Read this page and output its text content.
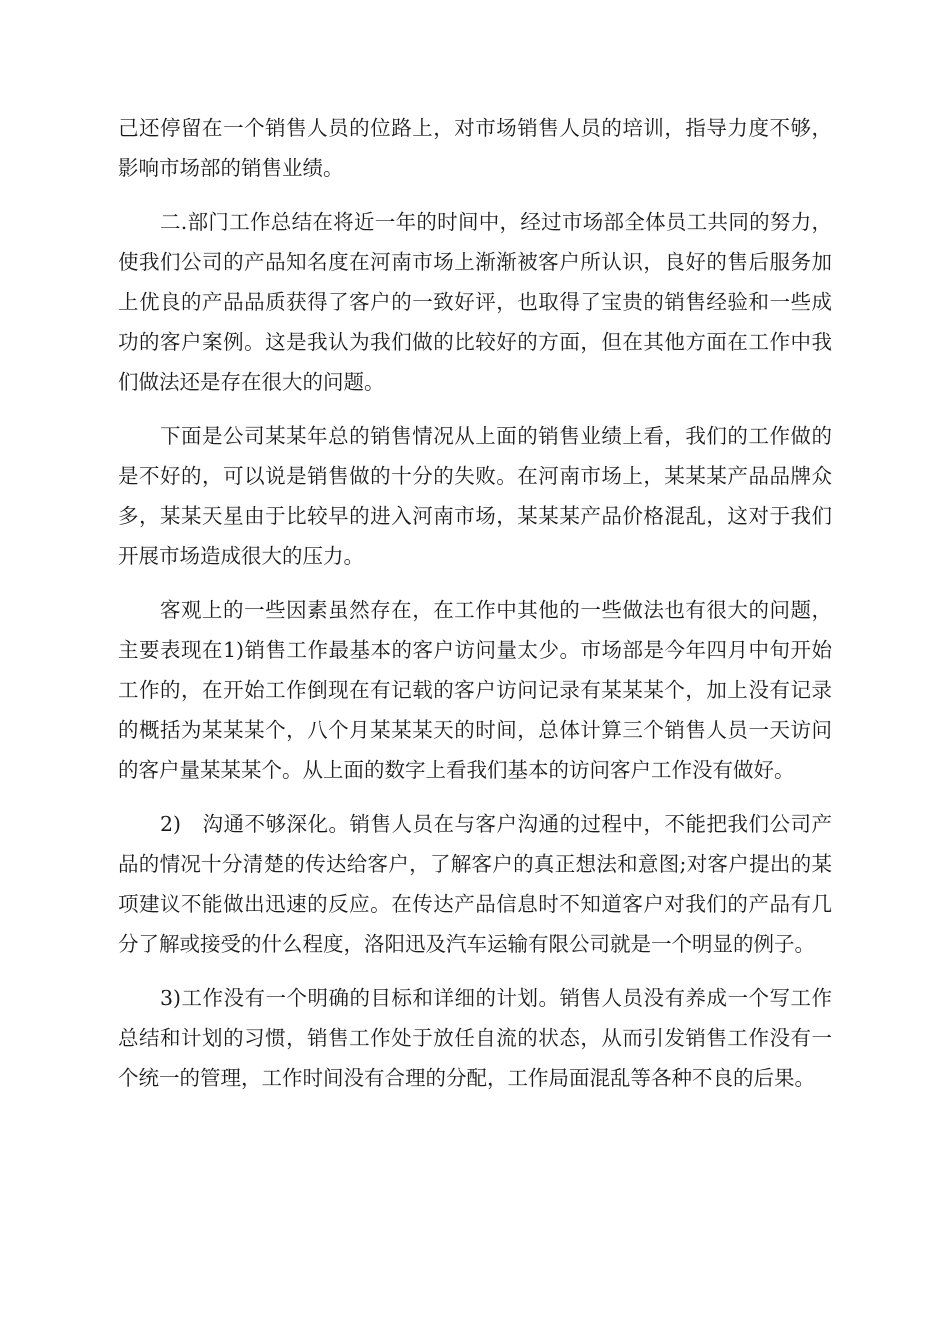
己还停留在一个销售人员的位路上，对市场销售人员的培训，指导力度不够，影响市场部的销售业绩。

二.部门工作总结在将近一年的时间中，经过市场部全体员工共同的努力，使我们公司的产品知名度在河南市场上渐渐被客户所认识，良好的售后服务加上优良的产品品质获得了客户的一致好评，也取得了宝贵的销售经验和一些成功的客户案例。这是我认为我们做的比较好的方面，但在其他方面在工作中我们做法还是存在很大的问题。

下面是公司某某年总的销售情况从上面的销售业绩上看，我们的工作做的是不好的，可以说是销售做的十分的失败。在河南市场上，某某某产品品牌众多，某某天星由于比较早的进入河南市场，某某某产品价格混乱，这对于我们开展市场造成很大的压力。

客观上的一些因素虽然存在，在工作中其他的一些做法也有很大的问题，主要表现在1)销售工作最基本的客户访问量太少。市场部是今年四月中旬开始工作的，在开始工作倒现在有记载的客户访问记录有某某某个，加上没有记录的概括为某某某个，八个月某某某天的时间，总体计算三个销售人员一天访问的客户量某某某个。从上面的数字上看我们基本的访问客户工作没有做好。

2)　沟通不够深化。销售人员在与客户沟通的过程中，不能把我们公司产品的情况十分清楚的传达给客户，了解客户的真正想法和意图;对客户提出的某项建议不能做出迅速的反应。在传达产品信息时不知道客户对我们的产品有几分了解或接受的什么程度，洛阳迅及汽车运输有限公司就是一个明显的例子。

3)工作没有一个明确的目标和详细的计划。销售人员没有养成一个写工作总结和计划的习惯，销售工作处于放任自流的状态，从而引发销售工作没有一个统一的管理，工作时间没有合理的分配，工作局面混乱等各种不良的后果。
